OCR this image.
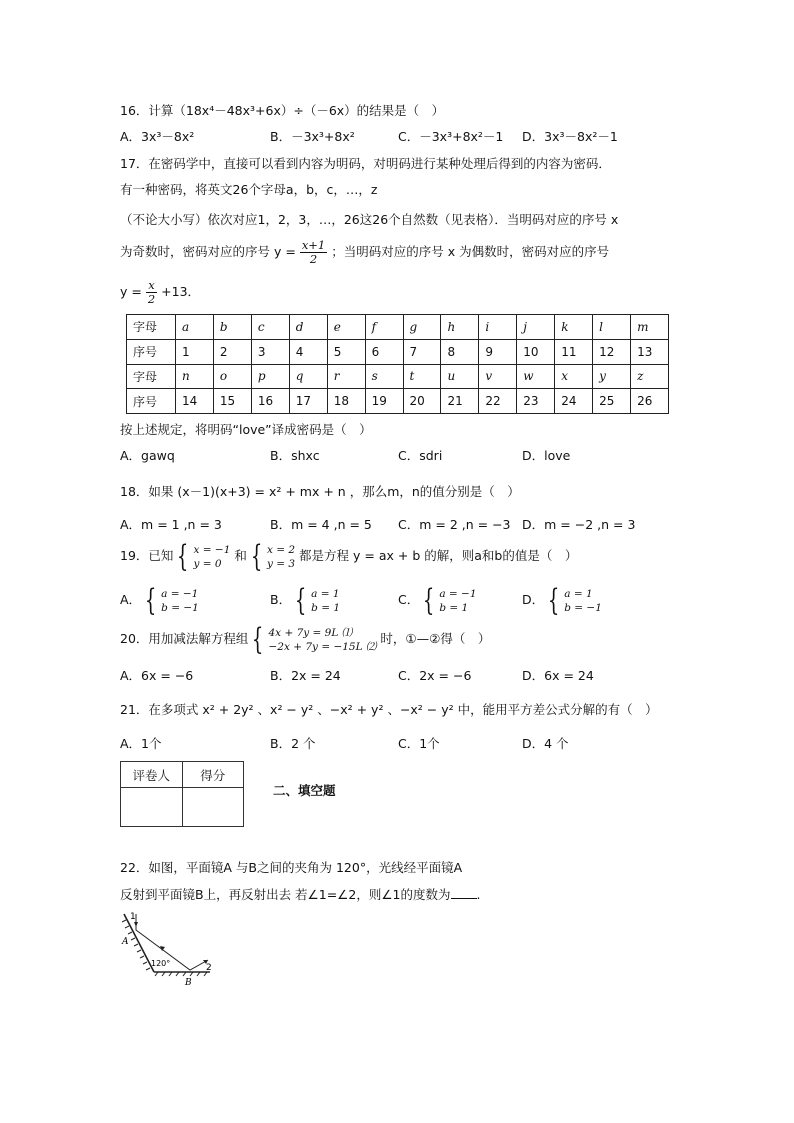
16．计算（18x⁴－48x³+6x）÷（－6x）的结果是（　）
A．3x³－8x²	B．－3x³+8x²	C．－3x³+8x²－1 D．3x³－8x²－1
17．在密码学中，直接可以看到内容为明码，对明码进行某种处理后得到的内容为密码．
有一种密码，将英文26个字母a，b，c，…，z
（不论大小写）依次对应1，2，3，…，26这26个自然数（见表格）．当明码对应的序号 x
为奇数时，密码对应的序号 $y = \frac{x+1}{2}$ ；当明码对应的序号 x 为偶数时，密码对应的序号
$y = \frac{x}{2} +13$．
字母	a	b	c	d	e	f	g	h	i	j	k	l	m
序号	1	2	3	4	5	6	7	8	9	10	11	12	13
字母	n	o	p	q	r	s	t	u	v	w	x	y	z
序号	14	15	16	17	18	19	20	21	22	23	24	25	26
按上述规定，将明码“love”译成密码是（　）
A．gawq	B．shxc	C．sdri	D．love
18．如果 (x－1)(x+3) = x² + mx + n ，那么m，n的值分别是（　）
A．m = 1 ,n = 3	B．m = 4 ,n = 5 C．m = 2 ,n = −3 D．m = −2 ,n = 3
19．已知 { x = −1
y = 0
和 { x = 2
y = 3
都是方程 y = ax + b 的解，则a和b的值是（　）
A． { a = −1
b = −1
B． { a = 1
b = 1
C． { a = −1
b = 1
D． { a = 1
b = −1
20．用加减法解方程组 { 4x + 7y = 9L ⑴
−2x + 7y = −15L ⑵
时，①—②得（　）
A．6x = −6	B．2x = 24	C．2x = −6	D．6x = 24
21．在多项式 x² + 2y² 、x² − y² 、−x² + y² 、−x² − y² 中，能用平方差公式分解的有（　）
A．1个	B．2 个	C．1个	D．4 个
评卷人	得分

二、填空题
22．如图，平面镜A 与B之间的夹角为 120°，光线经平面镜A
反射到平面镜B上，再反射出去 若∠1=∠2，则∠1的度数为 .
1
2
A
B
120°
